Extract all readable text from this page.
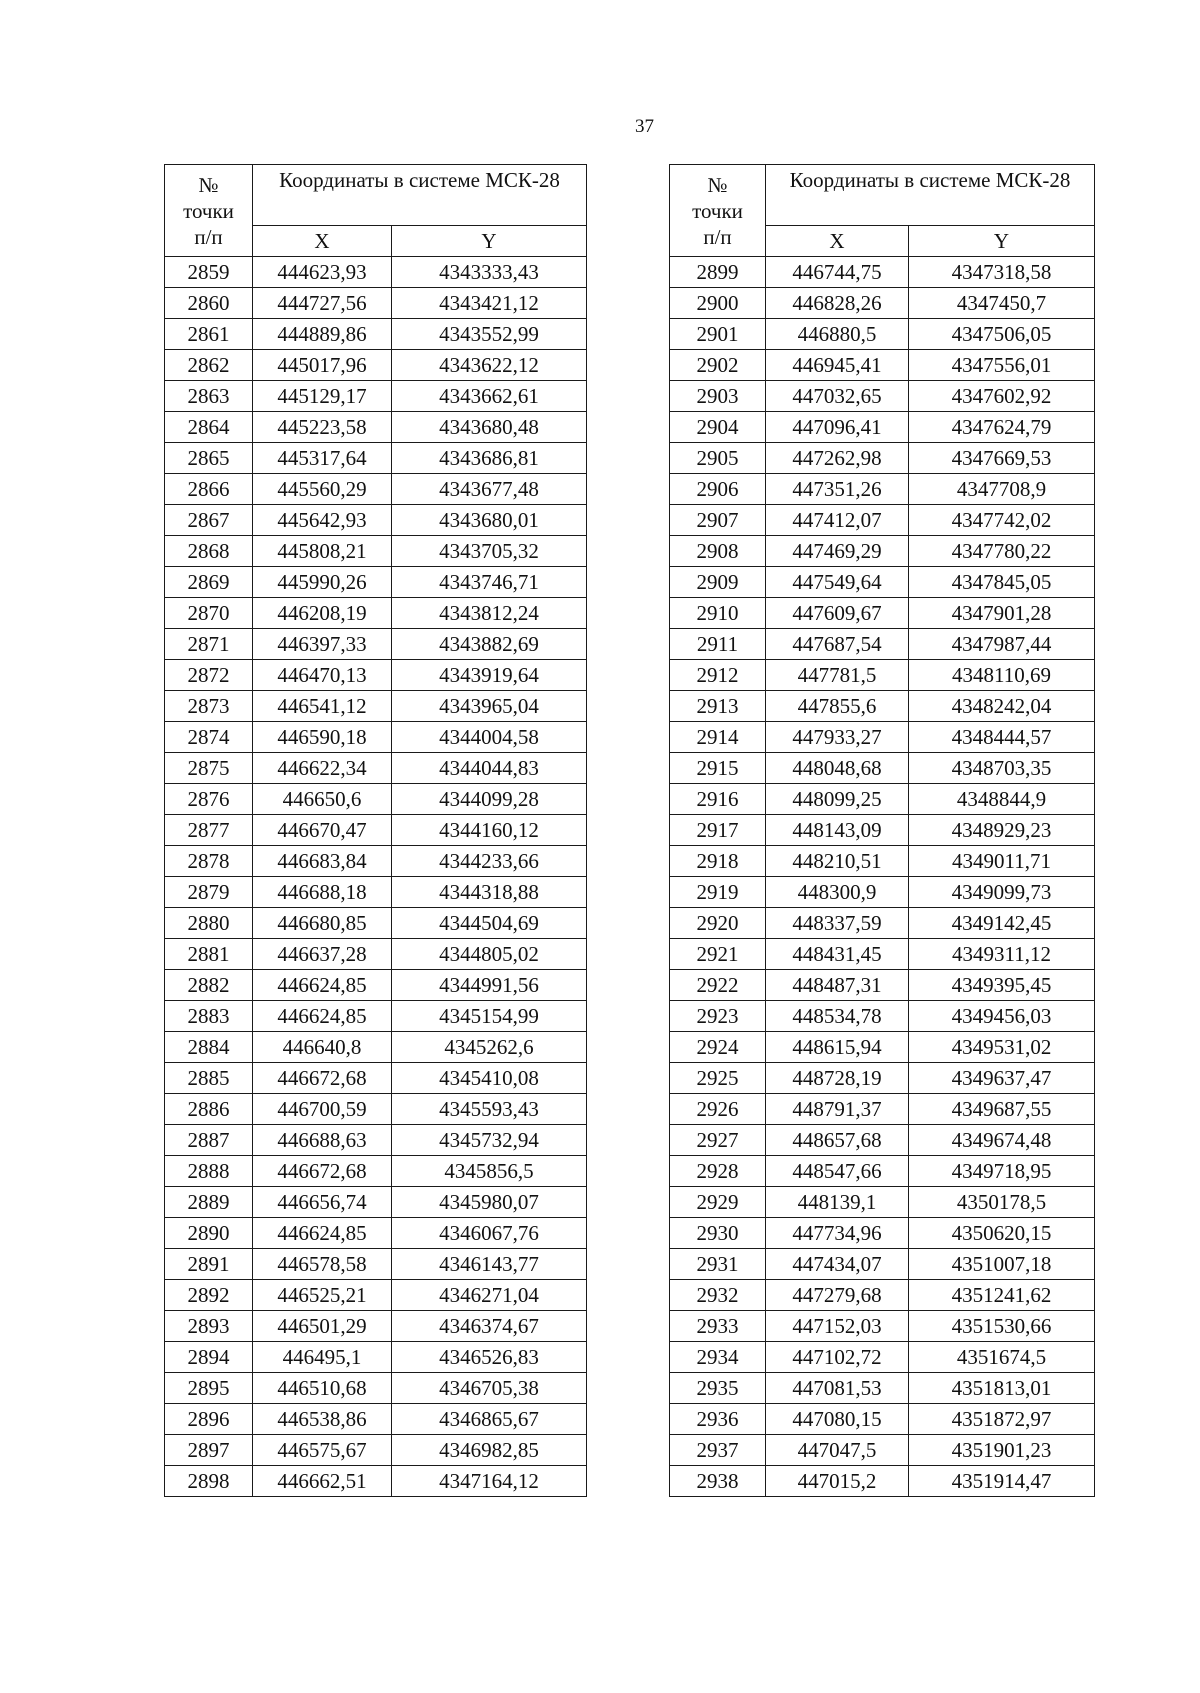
37
№
точки
п/п	Координаты в системе МСК-28	
	X	Y
2859	444623,93	4343333,43
2860	444727,56	4343421,12
2861	444889,86	4343552,99
2862	445017,96	4343622,12
2863	445129,17	4343662,61
2864	445223,58	4343680,48
2865	445317,64	4343686,81
2866	445560,29	4343677,48
2867	445642,93	4343680,01
2868	445808,21	4343705,32
2869	445990,26	4343746,71
2870	446208,19	4343812,24
2871	446397,33	4343882,69
2872	446470,13	4343919,64
2873	446541,12	4343965,04
2874	446590,18	4344004,58
2875	446622,34	4344044,83
2876	446650,6	4344099,28
2877	446670,47	4344160,12
2878	446683,84	4344233,66
2879	446688,18	4344318,88
2880	446680,85	4344504,69
2881	446637,28	4344805,02
2882	446624,85	4344991,56
2883	446624,85	4345154,99
2884	446640,8	4345262,6
2885	446672,68	4345410,08
2886	446700,59	4345593,43
2887	446688,63	4345732,94
2888	446672,68	4345856,5
2889	446656,74	4345980,07
2890	446624,85	4346067,76
2891	446578,58	4346143,77
2892	446525,21	4346271,04
2893	446501,29	4346374,67
2894	446495,1	4346526,83
2895	446510,68	4346705,38
2896	446538,86	4346865,67
2897	446575,67	4346982,85
2898	446662,51	4347164,12
№
точки
п/п	Координаты в системе МСК-28	
	X	Y
2899	446744,75	4347318,58
2900	446828,26	4347450,7
2901	446880,5	4347506,05
2902	446945,41	4347556,01
2903	447032,65	4347602,92
2904	447096,41	4347624,79
2905	447262,98	4347669,53
2906	447351,26	4347708,9
2907	447412,07	4347742,02
2908	447469,29	4347780,22
2909	447549,64	4347845,05
2910	447609,67	4347901,28
2911	447687,54	4347987,44
2912	447781,5	4348110,69
2913	447855,6	4348242,04
2914	447933,27	4348444,57
2915	448048,68	4348703,35
2916	448099,25	4348844,9
2917	448143,09	4348929,23
2918	448210,51	4349011,71
2919	448300,9	4349099,73
2920	448337,59	4349142,45
2921	448431,45	4349311,12
2922	448487,31	4349395,45
2923	448534,78	4349456,03
2924	448615,94	4349531,02
2925	448728,19	4349637,47
2926	448791,37	4349687,55
2927	448657,68	4349674,48
2928	448547,66	4349718,95
2929	448139,1	4350178,5
2930	447734,96	4350620,15
2931	447434,07	4351007,18
2932	447279,68	4351241,62
2933	447152,03	4351530,66
2934	447102,72	4351674,5
2935	447081,53	4351813,01
2936	447080,15	4351872,97
2937	447047,5	4351901,23
2938	447015,2	4351914,47
